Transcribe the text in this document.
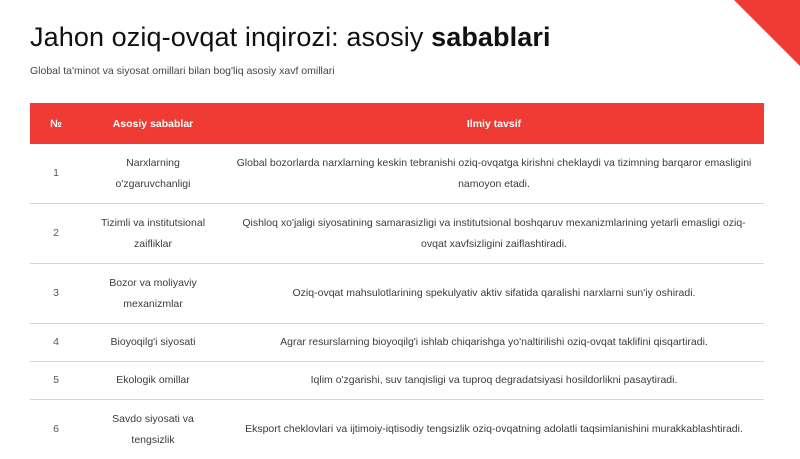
Jahon oziq-ovqat inqirozi: asosiy sabablari

Global ta'minot va siyosat omillari bilan bog'liq asosiy xavf omillari

№	Asosiy sabablar	Ilmiy tavsif
1	Narxlarning o'zgaruvchanligi	Global bozorlarda narxlarning keskin tebranishi oziq-ovqatga kirishni cheklaydi va tizimning barqaror emasligini namoyon etadi.
2	Tizimli va institutsional zaifliklar	Qishloq xo'jaligi siyosatining samarasizligi va institutsional boshqaruv mexanizmlarining yetarli emasligi oziq-ovqat xavfsizligini zaiflashtiradi.
3	Bozor va moliyaviy mexanizmlar	Oziq-ovqat mahsulotlarining spekulyativ aktiv sifatida qaralishi narxlarni sun'iy oshiradi.
4	Bioyoqilg'i siyosati	Agrar resurslarning bioyoqilg'i ishlab chiqarishga yo'naltirilishi oziq-ovqat taklifini qisqartiradi.
5	Ekologik omillar	Iqlim o'zgarishi, suv tanqisligi va tuproq degradatsiyasi hosildorlikni pasaytiradi.
6	Savdo siyosati va tengsizlik	Eksport cheklovlari va ijtimoiy-iqtisodiy tengsizlik oziq-ovqatning adolatli taqsimlanishini murakkablashtiradi.
